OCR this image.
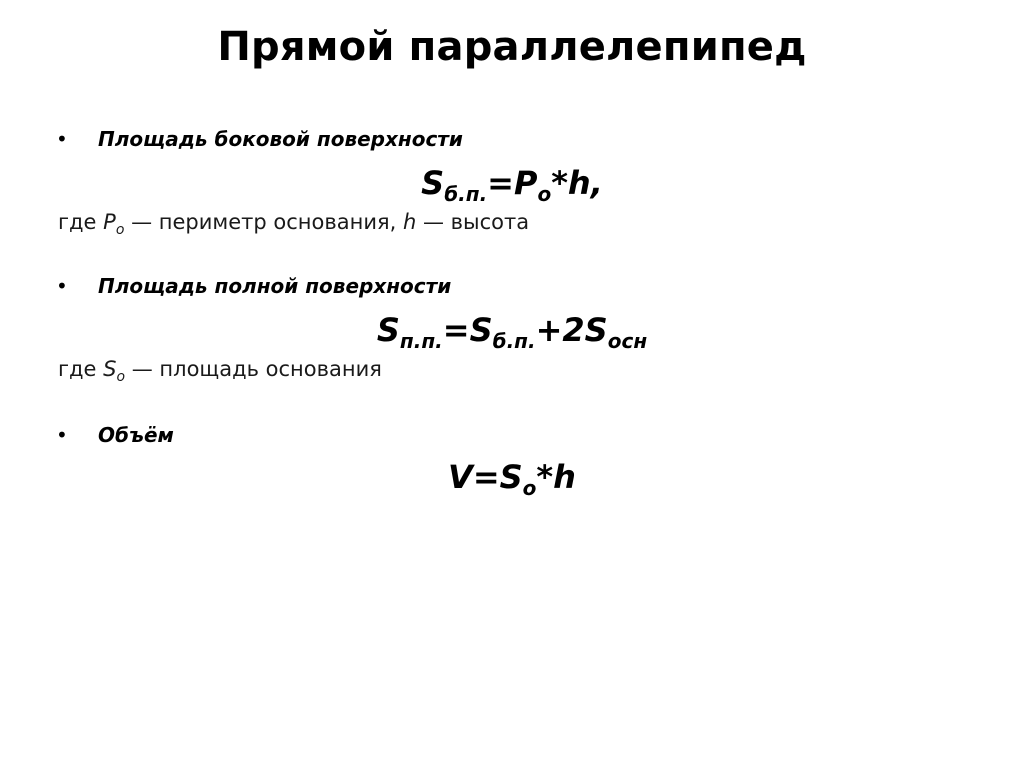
Прямой параллелепипед
• Площадь боковой поверхности
$S_{б.п.}=P_o*h$,
где $P_o$ — периметр основания, h — высота
• Площадь полной поверхности
$S_{п.п.}=S_{б.п.}+2S_{осн}$
где $S_o$ — площадь основания
• Объём
$V=S_o*h$
